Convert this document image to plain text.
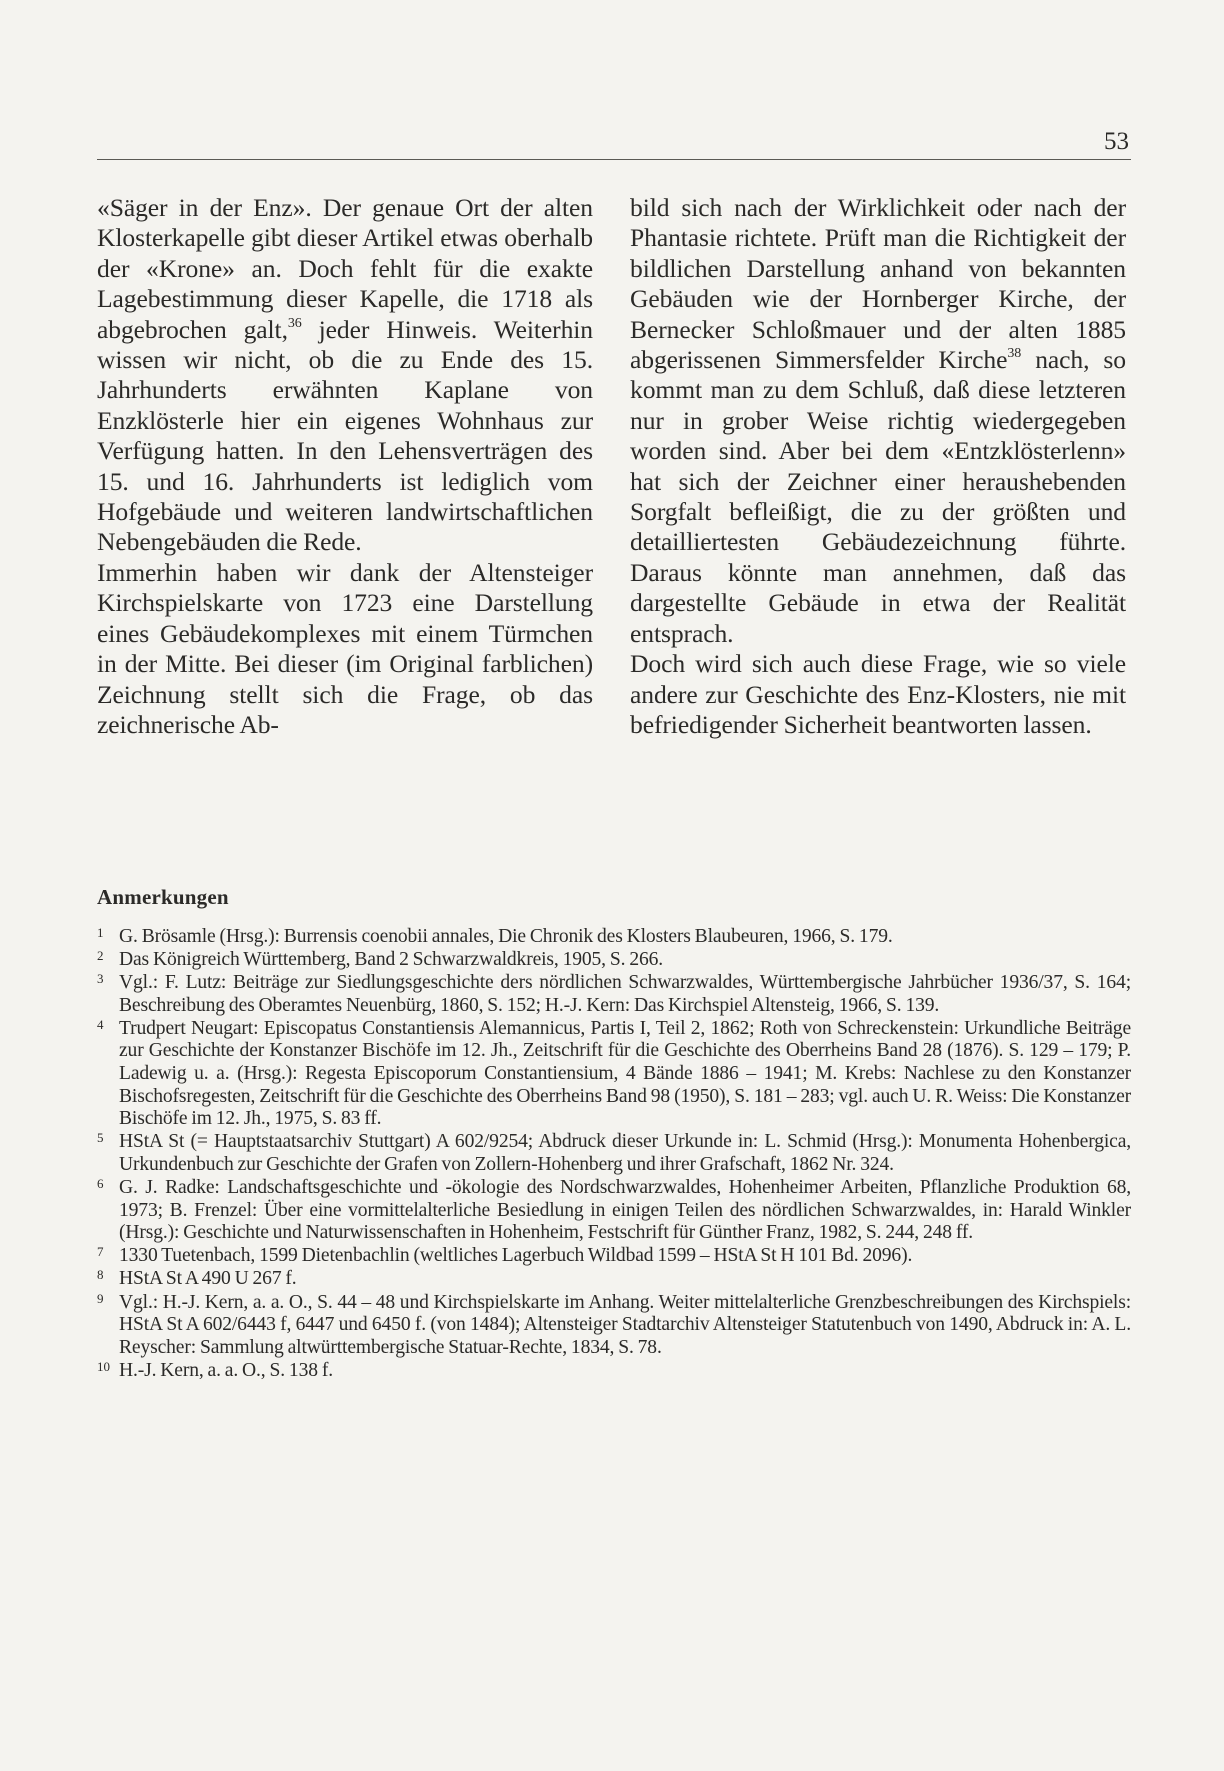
53

«Säger in der Enz». Der genaue Ort der alten Klosterkapelle gibt dieser Artikel etwas oberhalb der «Krone» an. Doch fehlt für die exakte Lagebestimmung dieser Kapelle, die 1718 als abgebrochen galt,$^{36}$ jeder Hinweis. Weiterhin wissen wir nicht, ob die zu Ende des 15. Jahrhunderts erwähnten Kaplane von Enzklösterle hier ein eigenes Wohnhaus zur Verfügung hatten. In den Lehensverträgen des 15. und 16. Jahrhunderts ist lediglich vom Hofgebäude und weiteren landwirtschaftlichen Nebengebäuden die Rede.

Immerhin haben wir dank der Altensteiger Kirchspielskarte von 1723 eine Darstellung eines Gebäudekomplexes mit einem Türmchen in der Mitte. Bei dieser (im Original farblichen) Zeichnung stellt sich die Frage, ob das zeichnerische Ab-

bild sich nach der Wirklichkeit oder nach der Phantasie richtete. Prüft man die Richtigkeit der bildlichen Darstellung anhand von bekannten Gebäuden wie der Hornberger Kirche, der Bernecker Schloßmauer und der alten 1885 abgerissenen Simmersfelder Kirche$^{38}$ nach, so kommt man zu dem Schluß, daß diese letzteren nur in grober Weise richtig wiedergegeben worden sind. Aber bei dem «Entzklösterlenn» hat sich der Zeichner einer heraushebenden Sorgfalt befleißigt, die zu der größten und detailliertesten Gebäudezeichnung führte. Daraus könnte man annehmen, daß das dargestellte Gebäude in etwa der Realität entsprach.

Doch wird sich auch diese Frage, wie so viele andere zur Geschichte des Enz-Klosters, nie mit befriedigender Sicherheit beantworten lassen.

Anmerkungen
1 G. Brösamle (Hrsg.): Burrensis coenobii annales, Die Chronik des Klosters Blaubeuren, 1966, S. 179.
2 Das Königreich Württemberg, Band 2 Schwarzwaldkreis, 1905, S. 266.
3 Vgl.: F. Lutz: Beiträge zur Siedlungsgeschichte ders nördlichen Schwarzwaldes, Württembergische Jahrbücher 1936/37, S. 164; Beschreibung des Oberamtes Neuenbürg, 1860, S. 152; H.-J. Kern: Das Kirchspiel Altensteig, 1966, S. 139.
4 Trudpert Neugart: Episcopatus Constantiensis Alemannicus, Partis I, Teil 2, 1862; Roth von Schreckenstein: Urkundliche Beiträge zur Geschichte der Konstanzer Bischöfe im 12. Jh., Zeitschrift für die Geschichte des Oberrheins Band 28 (1876). S. 129 – 179; P. Ladewig u. a. (Hrsg.): Regesta Episcoporum Constantiensium, 4 Bände 1886 – 1941; M. Krebs: Nachlese zu den Konstanzer Bischofsregesten, Zeitschrift für die Geschichte des Oberrheins Band 98 (1950), S. 181 – 283; vgl. auch U. R. Weiss: Die Konstanzer Bischöfe im 12. Jh., 1975, S. 83 ff.
5 HStA St (= Hauptstaatsarchiv Stuttgart) A 602/9254; Abdruck dieser Urkunde in: L. Schmid (Hrsg.): Monumenta Hohenbergica, Urkundenbuch zur Geschichte der Grafen von Zollern-Hohenberg und ihrer Grafschaft, 1862 Nr. 324.
6 G. J. Radke: Landschaftsgeschichte und -ökologie des Nordschwarzwaldes, Hohenheimer Arbeiten, Pflanzliche Produktion 68, 1973; B. Frenzel: Über eine vormittelalterliche Besiedlung in einigen Teilen des nördlichen Schwarzwaldes, in: Harald Winkler (Hrsg.): Geschichte und Naturwissenschaften in Hohenheim, Festschrift für Günther Franz, 1982, S. 244, 248 ff.
7 1330 Tuetenbach, 1599 Dietenbachlin (weltliches Lagerbuch Wildbad 1599 – HStA St H 101 Bd. 2096).
8 HStA St A 490 U 267 f.
9 Vgl.: H.-J. Kern, a. a. O., S. 44 – 48 und Kirchspielskarte im Anhang. Weiter mittelalterliche Grenzbeschreibungen des Kirchspiels: HStA St A 602/6443 f, 6447 und 6450 f. (von 1484); Altensteiger Stadtarchiv Altensteiger Statutenbuch von 1490, Abdruck in: A. L. Reyscher: Sammlung altwürttembergische Statuar-Rechte, 1834, S. 78.
10 H.-J. Kern, a. a. O., S. 138 f.
